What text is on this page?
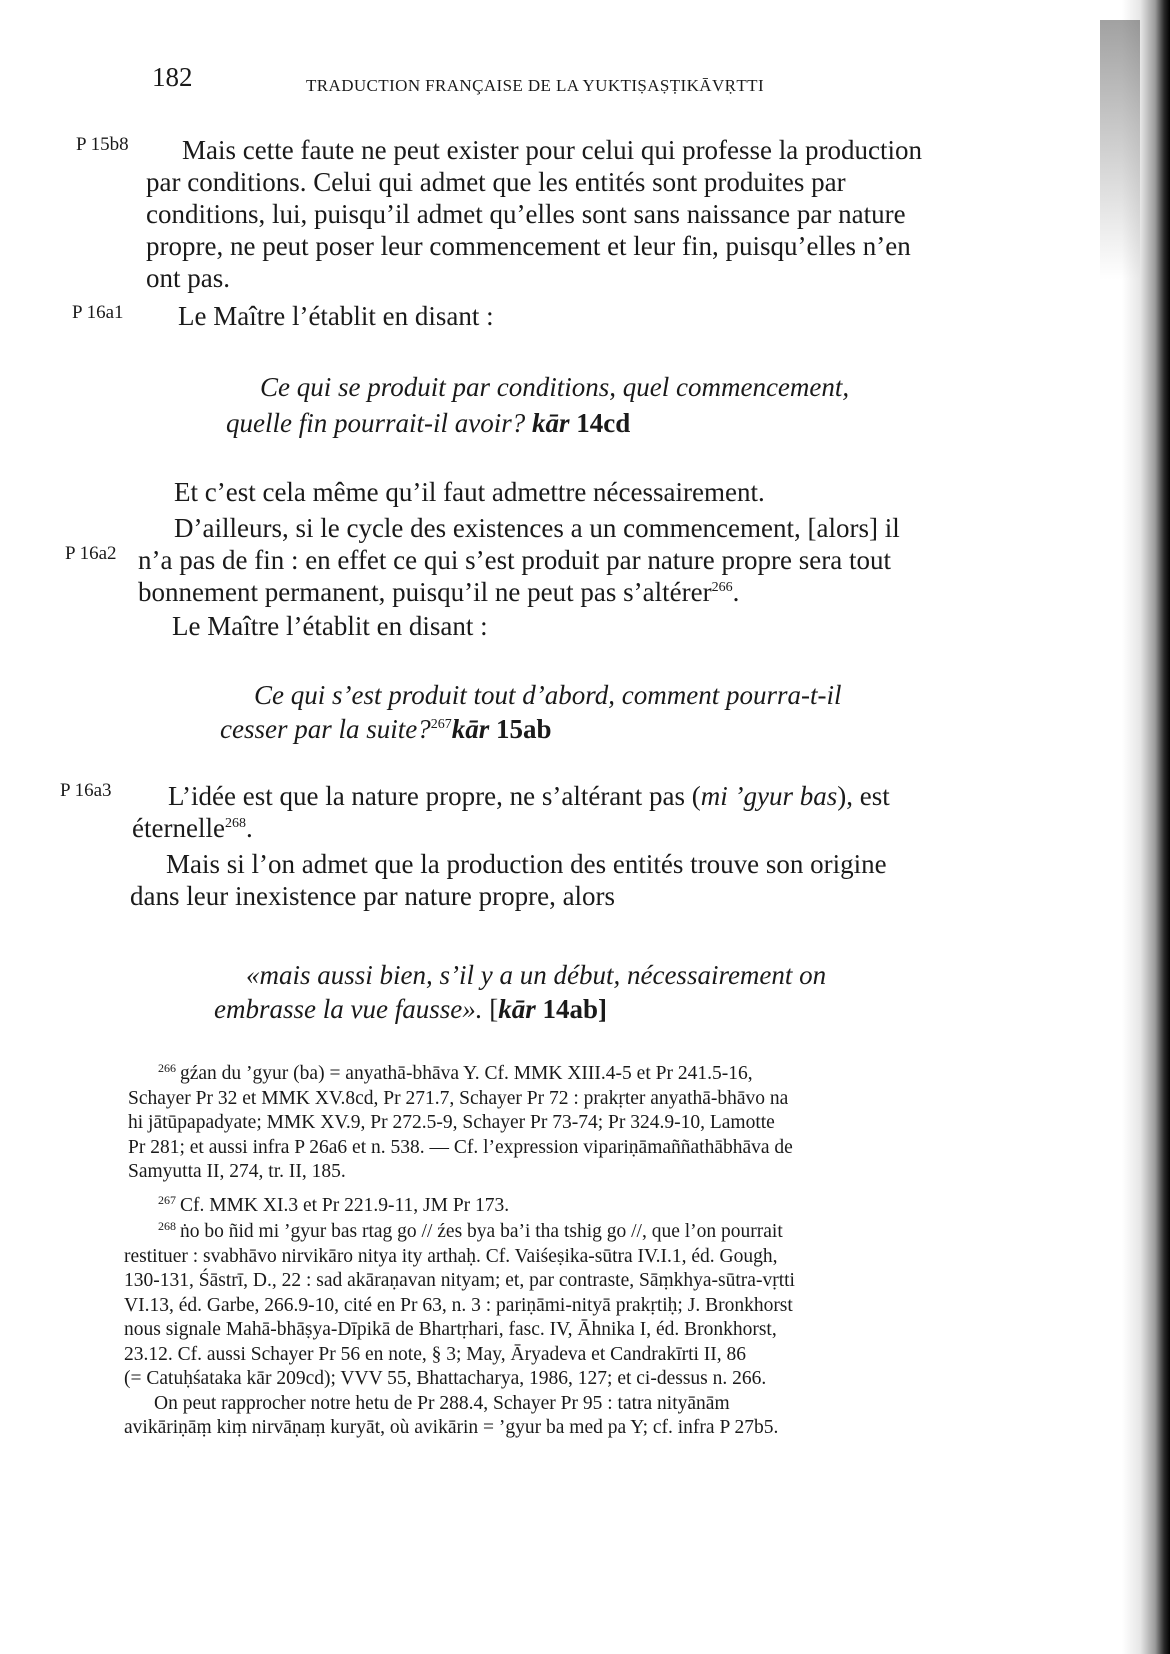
182	TRADUCTION FRANÇAISE DE LA YUKTIṢAṢṬIKĀVṚTTI
P 15b8
P 16a1
P 16a2
P 16a3

Mais cette faute ne peut exister pour celui qui professe la production

par conditions. Celui qui admet que les entités sont produites par

conditions, lui, puisqu’il admet qu’elles sont sans naissance par nature

propre, ne peut poser leur commencement et leur fin, puisqu’elles n’en

ont pas.

Le Maître l’établit en disant :
Ce qui se produit par conditions, quel commencement,
quelle fin pourrait-il avoir? kār 14cd
Et c’est cela même qu’il faut admettre nécessairement.

D’ailleurs, si le cycle des existences a un commencement, [alors] il

n’a pas de fin : en effet ce qui s’est produit par nature propre sera tout

bonnement permanent, puisqu’il ne peut pas s’altérer$^{266}$.

Le Maître l’établit en disant :
Ce qui s’est produit tout d’abord, comment pourra-t-il
cesser par la suite?$^{267}$kār 15ab

L’idée est que la nature propre, ne s’altérant pas (mi ’gyur bas), est

éternelle$^{268}$.

Mais si l’on admet que la production des entités trouve son origine

dans leur inexistence par nature propre, alors

«mais aussi bien, s’il y a un début, nécessairement on
embrasse la vue fausse». [kār 14ab]

$^{266}$ gźan du ’gyur (ba) = anyathā-bhāva Y. Cf. MMK XIII.4-5 et Pr 241.5-16,

Schayer Pr 32 et MMK XV.8cd, Pr 271.7, Schayer Pr 72 : prakṛter anyathā-bhāvo na

hi jātūpapadyate; MMK XV.9, Pr 272.5-9, Schayer Pr 73-74; Pr 324.9-10, Lamotte

Pr 281; et aussi infra P 26a6 et n. 538. — Cf. l’expression vipariṇāmaññathābhāva de

Samyutta II, 274, tr. II, 185.

$^{267}$ Cf. MMK XI.3 et Pr 221.9-11, JM Pr 173.

$^{268}$ ṅo bo ñid mi ’gyur bas rtag go // źes bya ba’i tha tshig go //, que l’on pourrait

restituer : svabhāvo nirvikāro nitya ity arthaḥ. Cf. Vaiśeṣika-sūtra IV.I.1, éd. Gough,

130-131, Śāstrī, D., 22 : sad akāraṇavan nityam; et, par contraste, Sāṃkhya-sūtra-vṛtti

VI.13, éd. Garbe, 266.9-10, cité en Pr 63, n. 3 : pariṇāmi-nityā prakṛtiḥ; J. Bronkhorst

nous signale Mahā-bhāṣya-Dīpikā de Bhartṛhari, fasc. IV, Āhnika I, éd. Bronkhorst,

23.12. Cf. aussi Schayer Pr 56 en note, § 3; May, Āryadeva et Candrakīrti II, 86

(= Catuḥśataka kār 209cd); VVV 55, Bhattacharya, 1986, 127; et ci-dessus n. 266.

On peut rapprocher notre hetu de Pr 288.4, Schayer Pr 95 : tatra nityānām

avikāriṇāṃ kiṃ nirvāṇaṃ kuryāt, où avikārin = ’gyur ba med pa Y; cf. infra P 27b5.
